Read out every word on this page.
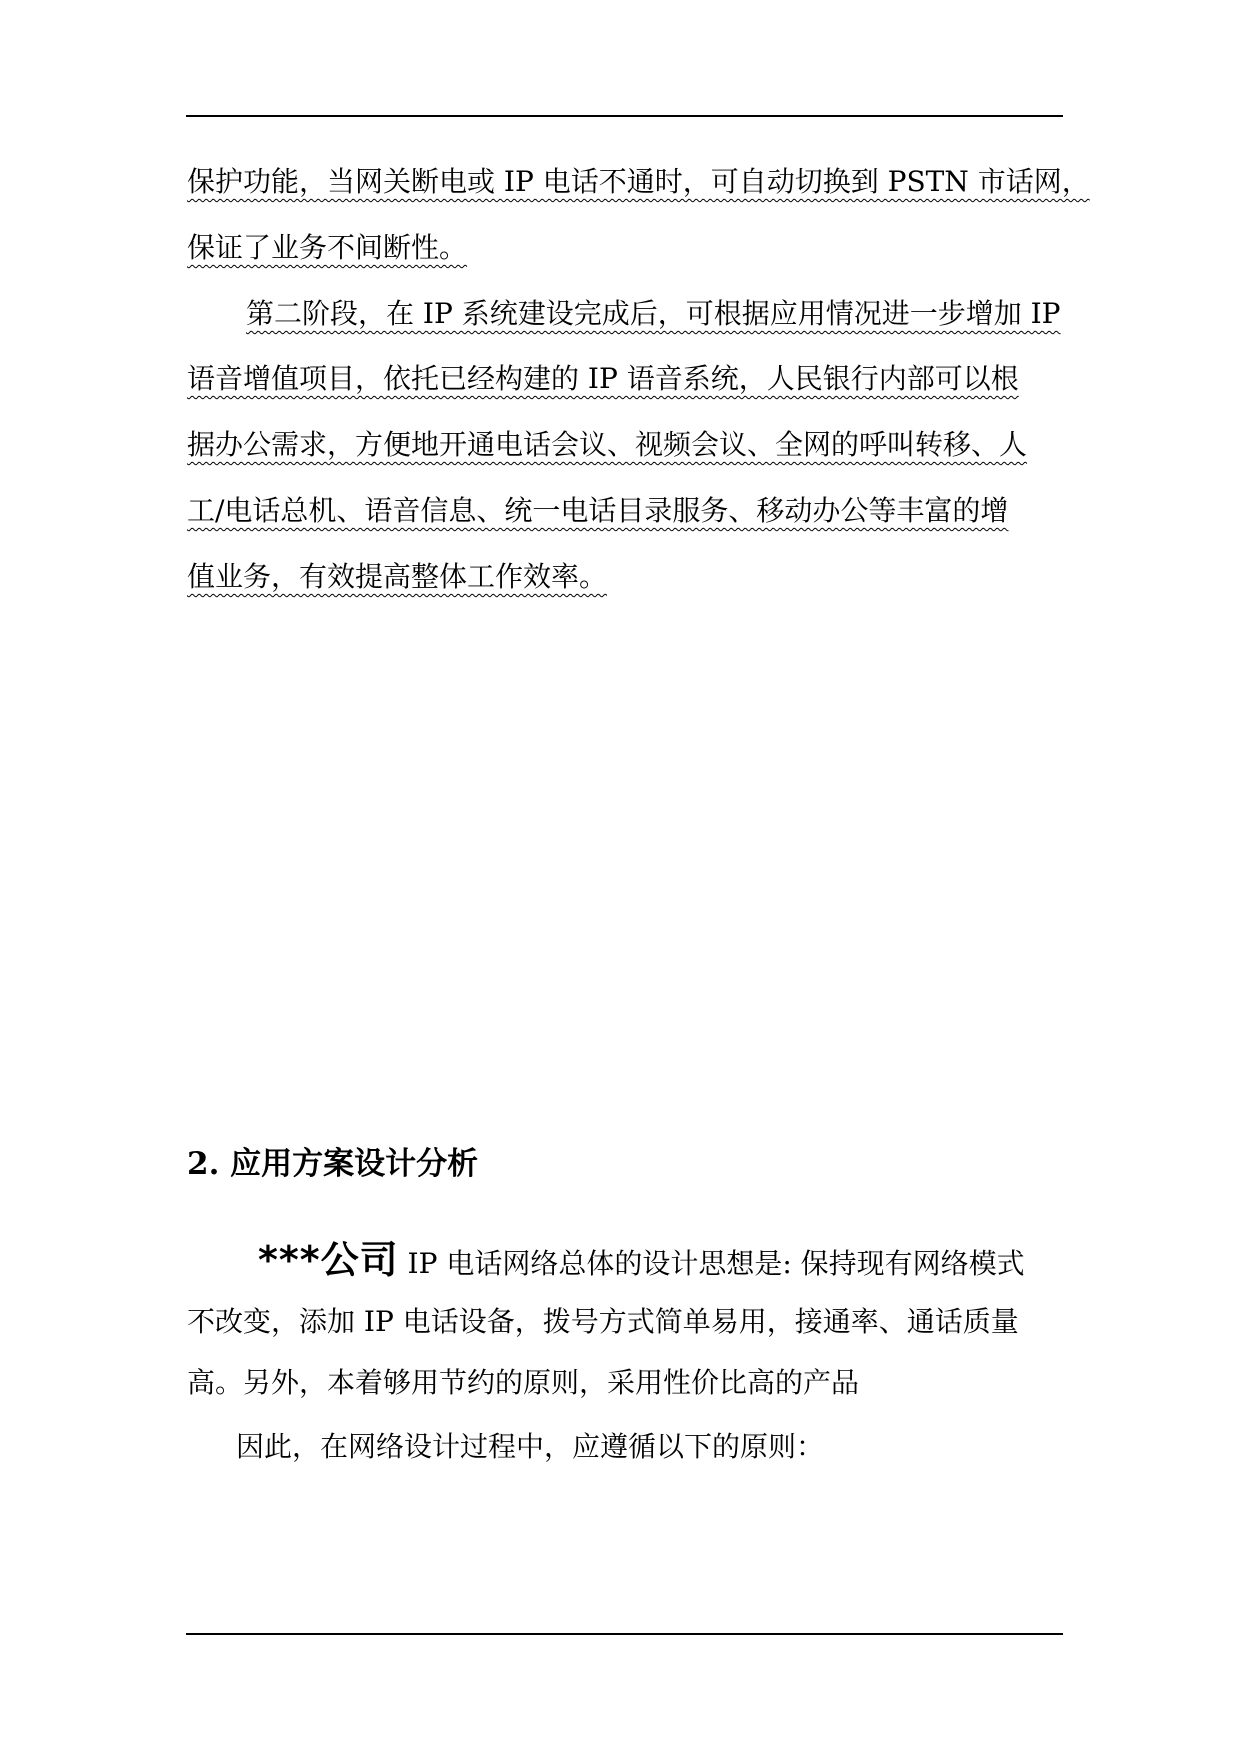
保护功能，当网关断电或 IP 电话不通时，可自动切换到 PSTN 市话网，
保证了业务不间断性。
第二阶段，在 IP 系统建设完成后，可根据应用情况进一步增加 IP
语音增值项目，依托已经构建的 IP 语音系统，人民银行内部可以根
据办公需求，方便地开通电话会议、视频会议、全网的呼叫转移、人
工/电话总机、语音信息、统一电话目录服务、移动办公等丰富的增
值业务，有效提高整体工作效率。
2. 应用方案设计分析
***公司 IP 电话网络总体的设计思想是: 保持现有网络模式
不改变，添加 IP 电话设备，拨号方式简单易用，接通率、通话质量
高。另外，本着够用节约的原则，采用性价比高的产品
因此，在网络设计过程中，应遵循以下的原则：
